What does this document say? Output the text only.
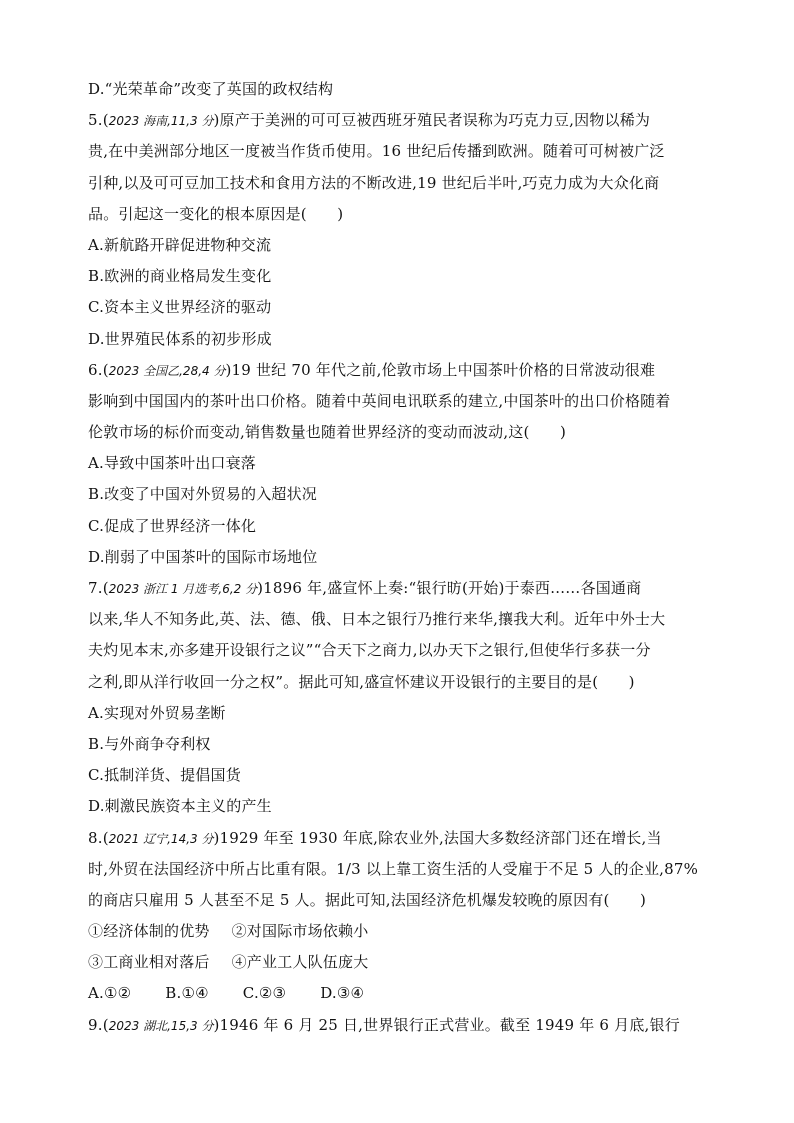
D.“光荣革命”改变了英国的政权结构
5.(2023 海南,11,3 分)原产于美洲的可可豆被西班牙殖民者误称为巧克力豆,因物以稀为
贵,在中美洲部分地区一度被当作货币使用。16 世纪后传播到欧洲。随着可可树被广泛
引种,以及可可豆加工技术和食用方法的不断改进,19 世纪后半叶,巧克力成为大众化商
品。引起这一变化的根本原因是(　　)
A.新航路开辟促进物种交流
B.欧洲的商业格局发生变化
C.资本主义世界经济的驱动
D.世界殖民体系的初步形成
6.(2023 全国乙,28,4 分)19 世纪 70 年代之前,伦敦市场上中国茶叶价格的日常波动很难
影响到中国国内的茶叶出口价格。随着中英间电讯联系的建立,中国茶叶的出口价格随着
伦敦市场的标价而变动,销售数量也随着世界经济的变动而波动,这(　　)
A.导致中国茶叶出口衰落
B.改变了中国对外贸易的入超状况
C.促成了世界经济一体化
D.削弱了中国茶叶的国际市场地位
7.(2023 浙江 1 月选考,6,2 分)1896 年,盛宣怀上奏:“银行昉(开始)于泰西……各国通商
以来,华人不知务此,英、法、德、俄、日本之银行乃推行来华,攘我大利。近年中外士大
夫灼见本末,亦多建开设银行之议”“合天下之商力,以办天下之银行,但使华行多获一分
之利,即从洋行收回一分之权”。据此可知,盛宣怀建议开设银行的主要目的是(　　)
A.实现对外贸易垄断
B.与外商争夺利权
C.抵制洋货、提倡国货
D.刺激民族资本主义的产生
8.(2021 辽宁,14,3 分)1929 年至 1930 年底,除农业外,法国大多数经济部门还在增长,当
时,外贸在法国经济中所占比重有限。1/3 以上靠工资生活的人受雇于不足 5 人的企业,87%
的商店只雇用 5 人甚至不足 5 人。据此可知,法国经济危机爆发较晚的原因有(　　)
①经济体制的优势 ②对国际市场依赖小
③工商业相对落后 ④产业工人队伍庞大
A.①② B.①④ C.②③ D.③④
9.(2023 湖北,15,3 分)1946 年 6 月 25 日,世界银行正式营业。截至 1949 年 6 月底,银行
